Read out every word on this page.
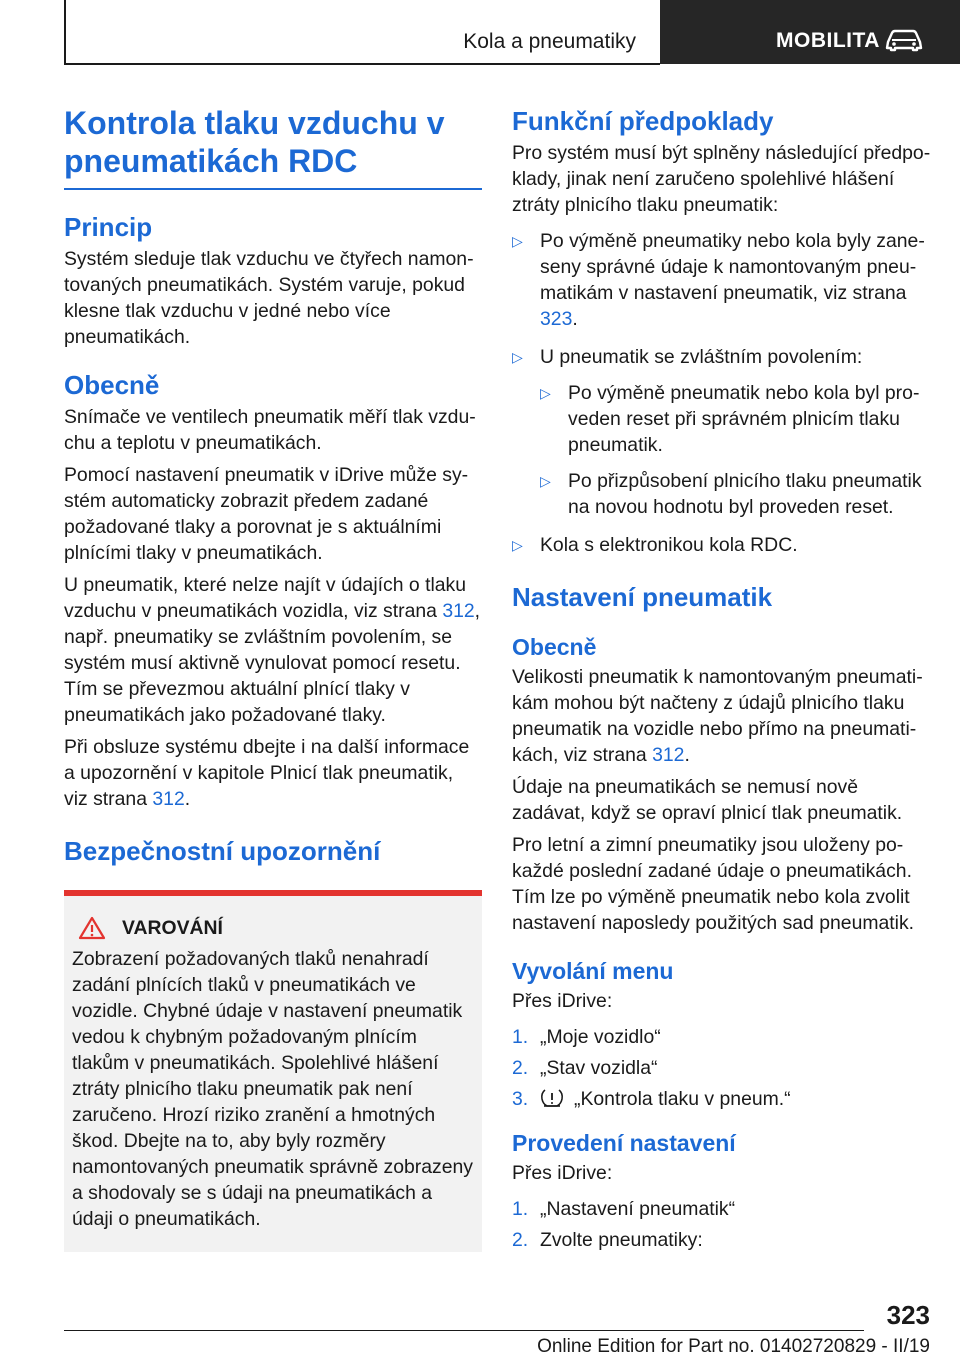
Kola a pneumatiky	MOBILITA
Kontrola tlaku vzduchu v pneumatikách RDC
Princip

Systém sleduje tlak vzduchu ve čtyřech namontovaných pneumatikách. Systém varuje, pokud klesne tlak vzduchu v jedné nebo více pneumatikách.

Obecně

Snímače ve ventilech pneumatik měří tlak vzduchu a teplotu v pneumatikách.

Pomocí nastavení pneumatik v iDrive může systém automaticky zobrazit předem zadané požadované tlaky a porovnat je s aktuálními plnícími tlaky v pneumatikách.

U pneumatik, které nelze najít v údajích o tlaku vzduchu v pneumatikách vozidla, viz strana 312, např. pneumatiky se zvláštním povolením, se systém musí aktivně vynulovat pomocí resetu. Tím se převezmou aktuální plnící tlaky v pneumatikách jako požadované tlaky.

Při obsluze systému dbejte i na další informace a upozornění v kapitole Plnicí tlak pneumatik, viz strana 312.

Bezpečnostní upozornění
VAROVÁNÍ

Zobrazení požadovaných tlaků nenahradí zadání plnících tlaků v pneumatikách ve vozidle. Chybné údaje v nastavení pneumatik vedou k chybným požadovaným plnícím tlakům v pneumatikách. Spolehlivé hlášení ztráty plnicího tlaku pneumatik pak není zaručeno. Hrozí riziko zranění a hmotných škod. Dbejte na to, aby byly rozměry namontovaných pneumatik správně zobrazeny a shodovaly se s údaji na pneumatikách a údaji o pneumatikách.

Funkční předpoklady

Pro systém musí být splněny následující předpoklady, jinak není zaručeno spolehlivé hlášení ztráty plnicího tlaku pneumatik:

▷ Po výměně pneumatiky nebo kola byly zaneseny správné údaje k namontovaným pneumatikám v nastavení pneumatik, viz strana 323.
▷ U pneumatik se zvláštním povolením:
▷ Po výměně pneumatik nebo kola byl proveden reset při správném plnicím tlaku pneumatik.
▷ Po přizpůsobení plnicího tlaku pneumatik na novou hodnotu byl proveden reset.
▷ Kola s elektronikou kola RDC.
Nastavení pneumatik
Obecně

Velikosti pneumatik k namontovaným pneumatikám mohou být načteny z údajů plnicího tlaku pneumatik na vozidle nebo přímo na pneumatikách, viz strana 312.

Údaje na pneumatikách se nemusí nově zadávat, když se opraví plnicí tlak pneumatik.

Pro letní a zimní pneumatiky jsou uloženy pokaždé poslední zadané údaje o pneumatikách. Tím lze po výměně pneumatik nebo kola zvolit nastavení naposledy použitých sad pneumatik.

Vyvolání menu

Přes iDrive:

1. „Moje vozidlo“
2. „Stav vozidla“
3. „Kontrola tlaku v pneum.“
Provedení nastavení

Přes iDrive:

1. „Nastavení pneumatik“
2. Zvolte pneumatiky:
323
Online Edition for Part no. 01402720829 - II/19
